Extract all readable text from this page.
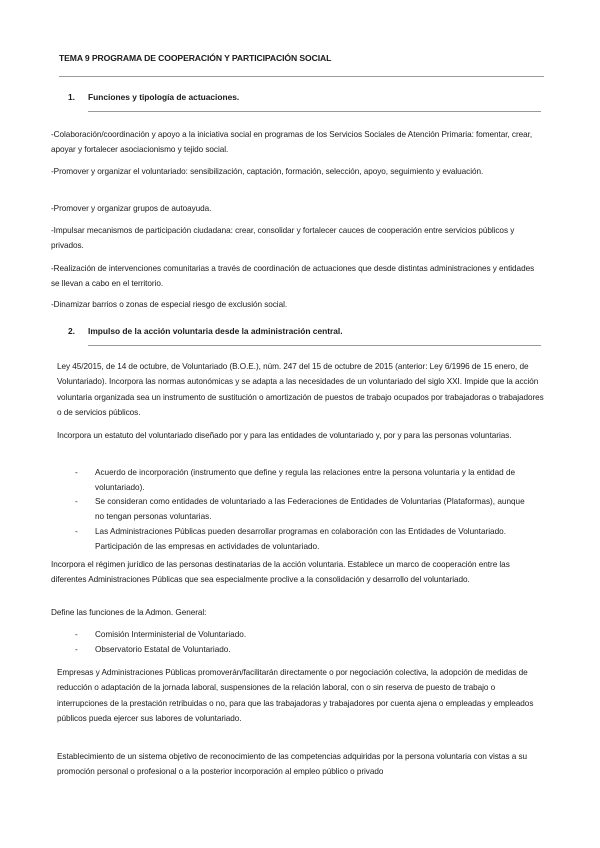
TEMA 9 PROGRAMA DE COOPERACIÓN Y PARTICIPACIÓN SOCIAL
1. Funciones y tipología de actuaciones.
-Colaboración/coordinación y apoyo a la iniciativa social en programas de los Servicios Sociales de Atención Primaria: fomentar, crear, apoyar y fortalecer asociacionismo y tejido social.
-Promover y organizar el voluntariado: sensibilización, captación, formación, selección, apoyo, seguimiento y evaluación.
-Promover y organizar grupos de autoayuda.
-Impulsar mecanismos de participación ciudadana: crear, consolidar y fortalecer cauces de cooperación entre servicios públicos y privados.
-Realización de intervenciones comunitarias a través de coordinación de actuaciones que desde distintas administraciones y entidades se llevan a cabo en el territorio.
-Dinamizar barrios o zonas de especial riesgo de exclusión social.
2. Impulso de la acción voluntaria desde la administración central.
Ley 45/2015, de 14 de octubre, de Voluntariado (B.O.E.), núm. 247 del 15 de octubre de 2015 (anterior: Ley 6/1996 de 15 enero, de Voluntariado). Incorpora las normas autonómicas y se adapta a las necesidades de un voluntariado del siglo XXI. Impide que la acción voluntaria organizada sea un instrumento de sustitución o amortización de puestos de trabajo ocupados por trabajadoras o trabajadores o de servicios públicos.
Incorpora un estatuto del voluntariado diseñado por y para las entidades de voluntariado y, por y para las personas voluntarias.
- Acuerdo de incorporación (instrumento que define y regula las relaciones entre la persona voluntaria y la entidad de voluntariado).
- Se consideran como entidades de voluntariado a las Federaciones de Entidades de Voluntarias (Plataformas), aunque no tengan personas voluntarias.
- Las Administraciones Públicas pueden desarrollar programas en colaboración con las Entidades de Voluntariado. Participación de las empresas en actividades de voluntariado.
Incorpora el régimen jurídico de las personas destinatarias de la acción voluntaria. Establece un marco de cooperación entre las diferentes Administraciones Públicas que sea especialmente proclive a la consolidación y desarrollo del voluntariado.
Define las funciones de la Admon. General:
- Comisión Interministerial de Voluntariado.
- Observatorio Estatal de Voluntariado.
Empresas y Administraciones Públicas promoverán/facilitarán directamente o por negociación colectiva, la adopción de medidas de reducción o adaptación de la jornada laboral, suspensiones de la relación laboral, con o sin reserva de puesto de trabajo o interrupciones de la prestación retribuidas o no, para que las trabajadoras y trabajadores por cuenta ajena o empleadas y empleados públicos pueda ejercer sus labores de voluntariado.
Establecimiento de un sistema objetivo de reconocimiento de las competencias adquiridas por la persona voluntaria con vistas a su promoción personal o profesional o a la posterior incorporación al empleo público o privado
